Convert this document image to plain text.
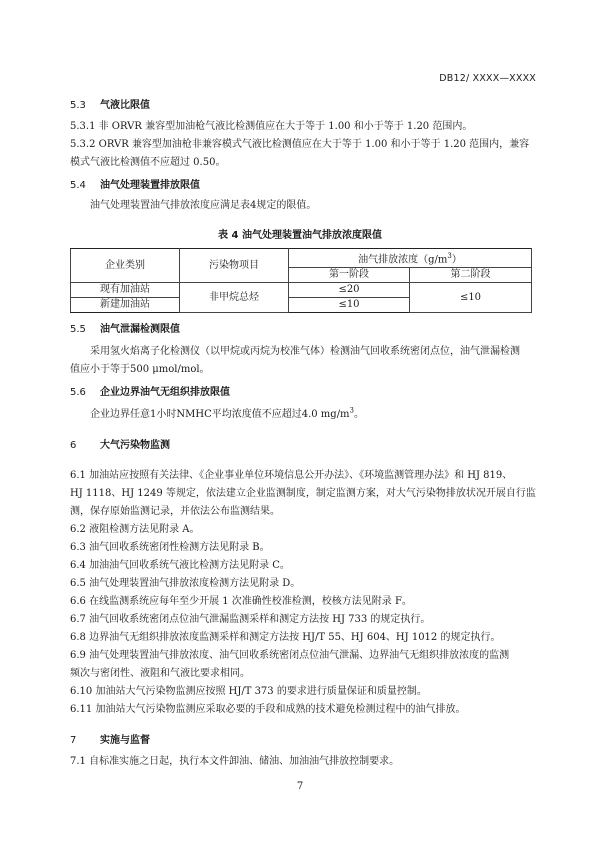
DB12/ XXXX—XXXX
5.3 气液比限值
5.3.1 非 ORVR 兼容型加油枪气液比检测值应在大于等于 1.00 和小于等于 1.20 范围内。
5.3.2 ORVR 兼容型加油枪非兼容模式气液比检测值应在大于等于 1.00 和小于等于 1.20 范围内，兼容
模式气液比检测值不应超过 0.50。
5.4 油气处理装置排放限值
油气处理装置油气排放浓度应满足表4规定的限值。
表 4 油气处理装置油气排放浓度限值
企业类别	污染物项目	油气排放浓度$(g/m^3)$	
		第一阶段	第二阶段
现有加油站	非甲烷总烃	≤20	≤10
新建加油站		≤10	
5.5 油气泄漏检测限值
采用氢火焰离子化检测仪（以甲烷或丙烷为校准气体）检测油气回收系统密闭点位，油气泄漏检测
值应小于等于500 μmol/mol。
5.6 企业边界油气无组织排放限值
企业边界任意1小时NMHC平均浓度值不应超过4.0 $mg/m^3$。
6 大气污染物监测
6.1 加油站应按照有关法律、《企业事业单位环境信息公开办法》、《环境监测管理办法》和 HJ 819、
HJ 1118、HJ 1249 等规定，依法建立企业监测制度，制定监测方案，对大气污染物排放状况开展自行监
测，保存原始监测记录，并依法公布监测结果。
6.2 液阻检测方法见附录 A。
6.3 油气回收系统密闭性检测方法见附录 B。
6.4 加油油气回收系统气液比检测方法见附录 C。
6.5 油气处理装置油气排放浓度检测方法见附录 D。
6.6 在线监测系统应每年至少开展 1 次准确性校准检测，校核方法见附录 F。
6.7 油气回收系统密闭点位油气泄漏监测采样和测定方法按 HJ 733 的规定执行。
6.8 边界油气无组织排放浓度监测采样和测定方法按 HJ/T 55、HJ 604、HJ 1012 的规定执行。
6.9 油气处理装置油气排放浓度、油气回收系统密闭点位油气泄漏、边界油气无组织排放浓度的监测
频次与密闭性、液阻和气液比要求相同。
6.10 加油站大气污染物监测应按照 HJ/T 373 的要求进行质量保证和质量控制。
6.11 加油站大气污染物监测应采取必要的手段和成熟的技术避免检测过程中的油气排放。
7 实施与监督
7.1 自标准实施之日起，执行本文件卸油、储油、加油油气排放控制要求。
7
